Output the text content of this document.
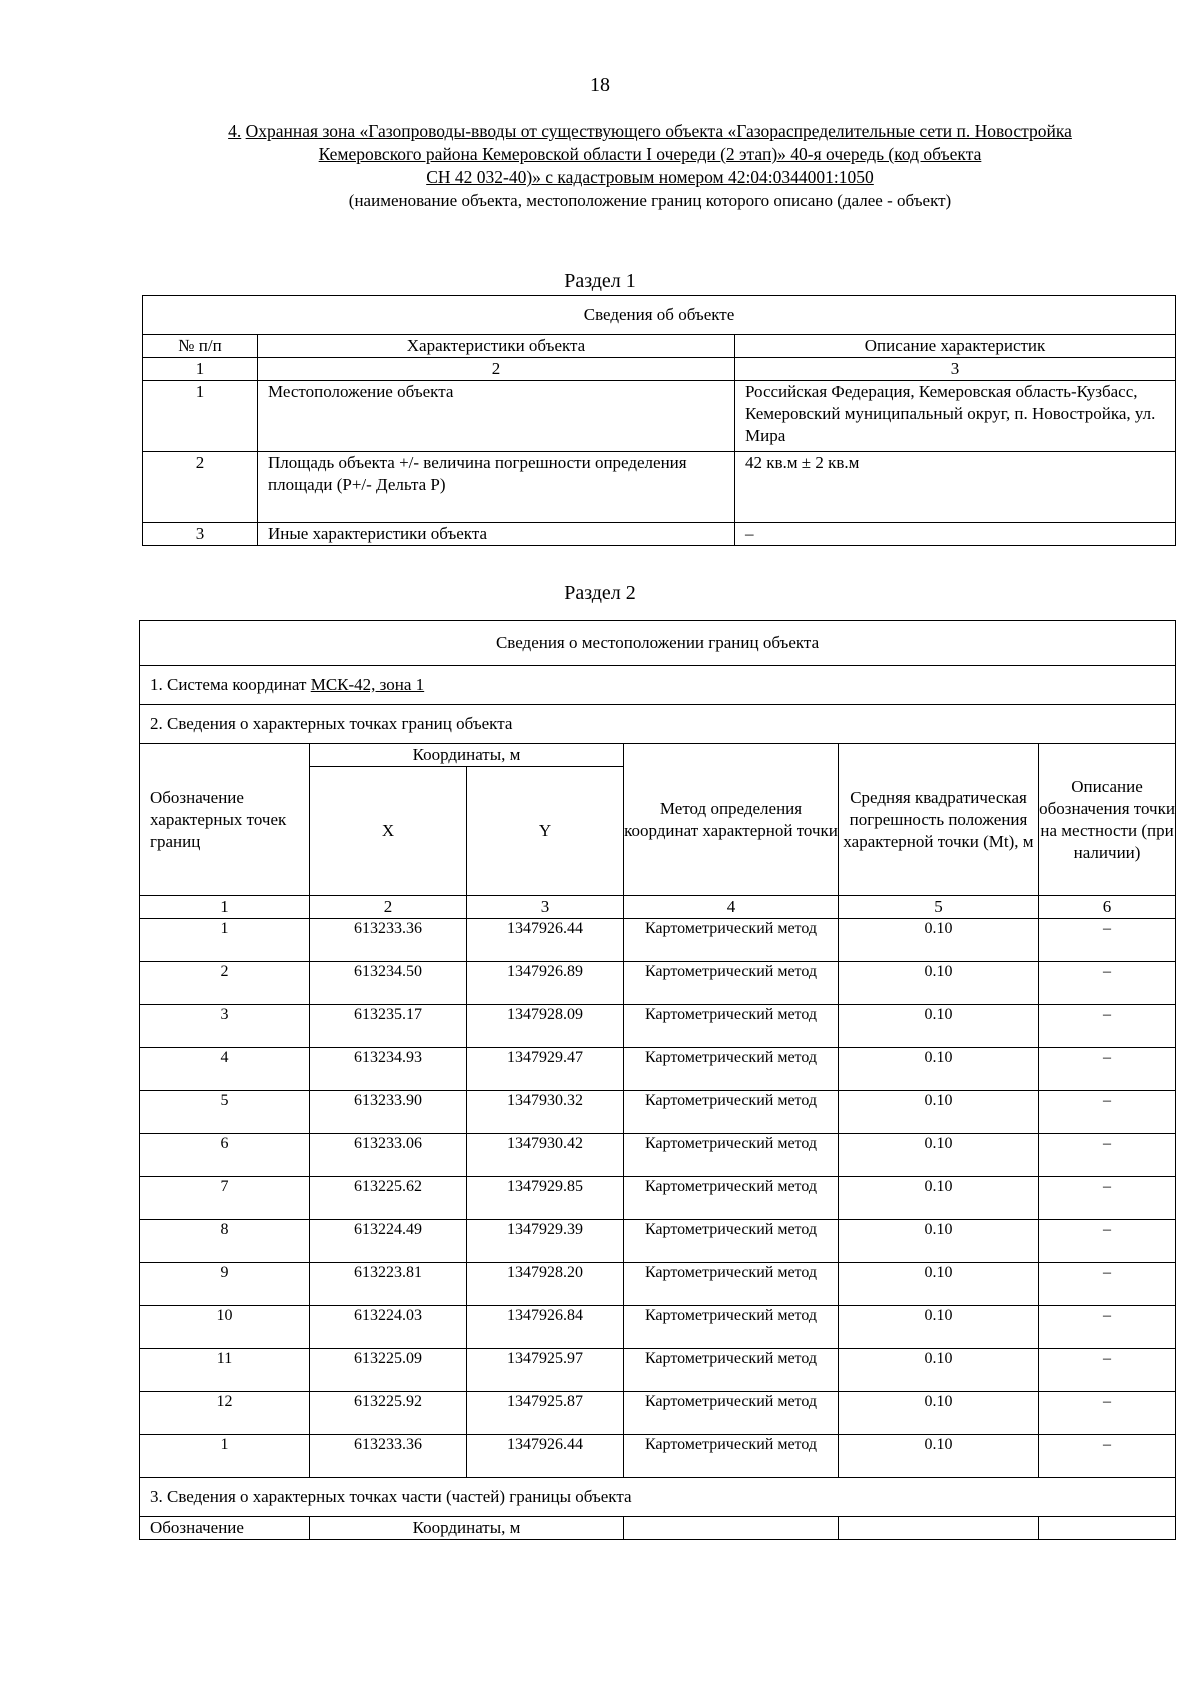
18
4. Охранная зона «Газопроводы-вводы от существующего объекта «Газораспределительные сети п. Новостройка
Кемеровского района Кемеровской области I очереди (2 этап)» 40-я очередь (код объекта
СН 42 032-40)» с кадастровым номером 42:04:0344001:1050
(наименование объекта, местоположение границ которого описано (далее - объект)
Раздел 1
Сведения об объекте		
№ п/п	Характеристики объекта	Описание характеристик
1	2	3
1	Местоположение объекта	Российская Федерация, Кемеровская область-Кузбасс, Кемеровский муниципальный округ, п. Новостройка, ул. Мира
2	Площадь объекта +/- величина погрешности определения площади (P+/- Дельта P)	42 кв.м ± 2 кв.м
3	Иные характеристики объекта	–
Раздел 2
Сведения о местоположении границ объекта					
1. Система координат МСК-42, зона 1					
2. Сведения о характерных точках границ объекта					
Обозначение характерных точек границ	Координаты, м		Метод определения координат характерной точки	Средняя квадратическая погрешность положения характерной точки (Mt), м	Описание обозначения точки на местности (при наличии)
	X	Y			
1	2	3	4	5	6
1	613233.36	1347926.44	Картометрический метод	0.10	–
2	613234.50	1347926.89	Картометрический метод	0.10	–
3	613235.17	1347928.09	Картометрический метод	0.10	–
4	613234.93	1347929.47	Картометрический метод	0.10	–
5	613233.90	1347930.32	Картометрический метод	0.10	–
6	613233.06	1347930.42	Картометрический метод	0.10	–
7	613225.62	1347929.85	Картометрический метод	0.10	–
8	613224.49	1347929.39	Картометрический метод	0.10	–
9	613223.81	1347928.20	Картометрический метод	0.10	–
10	613224.03	1347926.84	Картометрический метод	0.10	–
11	613225.09	1347925.97	Картометрический метод	0.10	–
12	613225.92	1347925.87	Картометрический метод	0.10	–
1	613233.36	1347926.44	Картометрический метод	0.10	–
3. Сведения о характерных точках части (частей) границы объекта					
Обозначение	Координаты, м				
